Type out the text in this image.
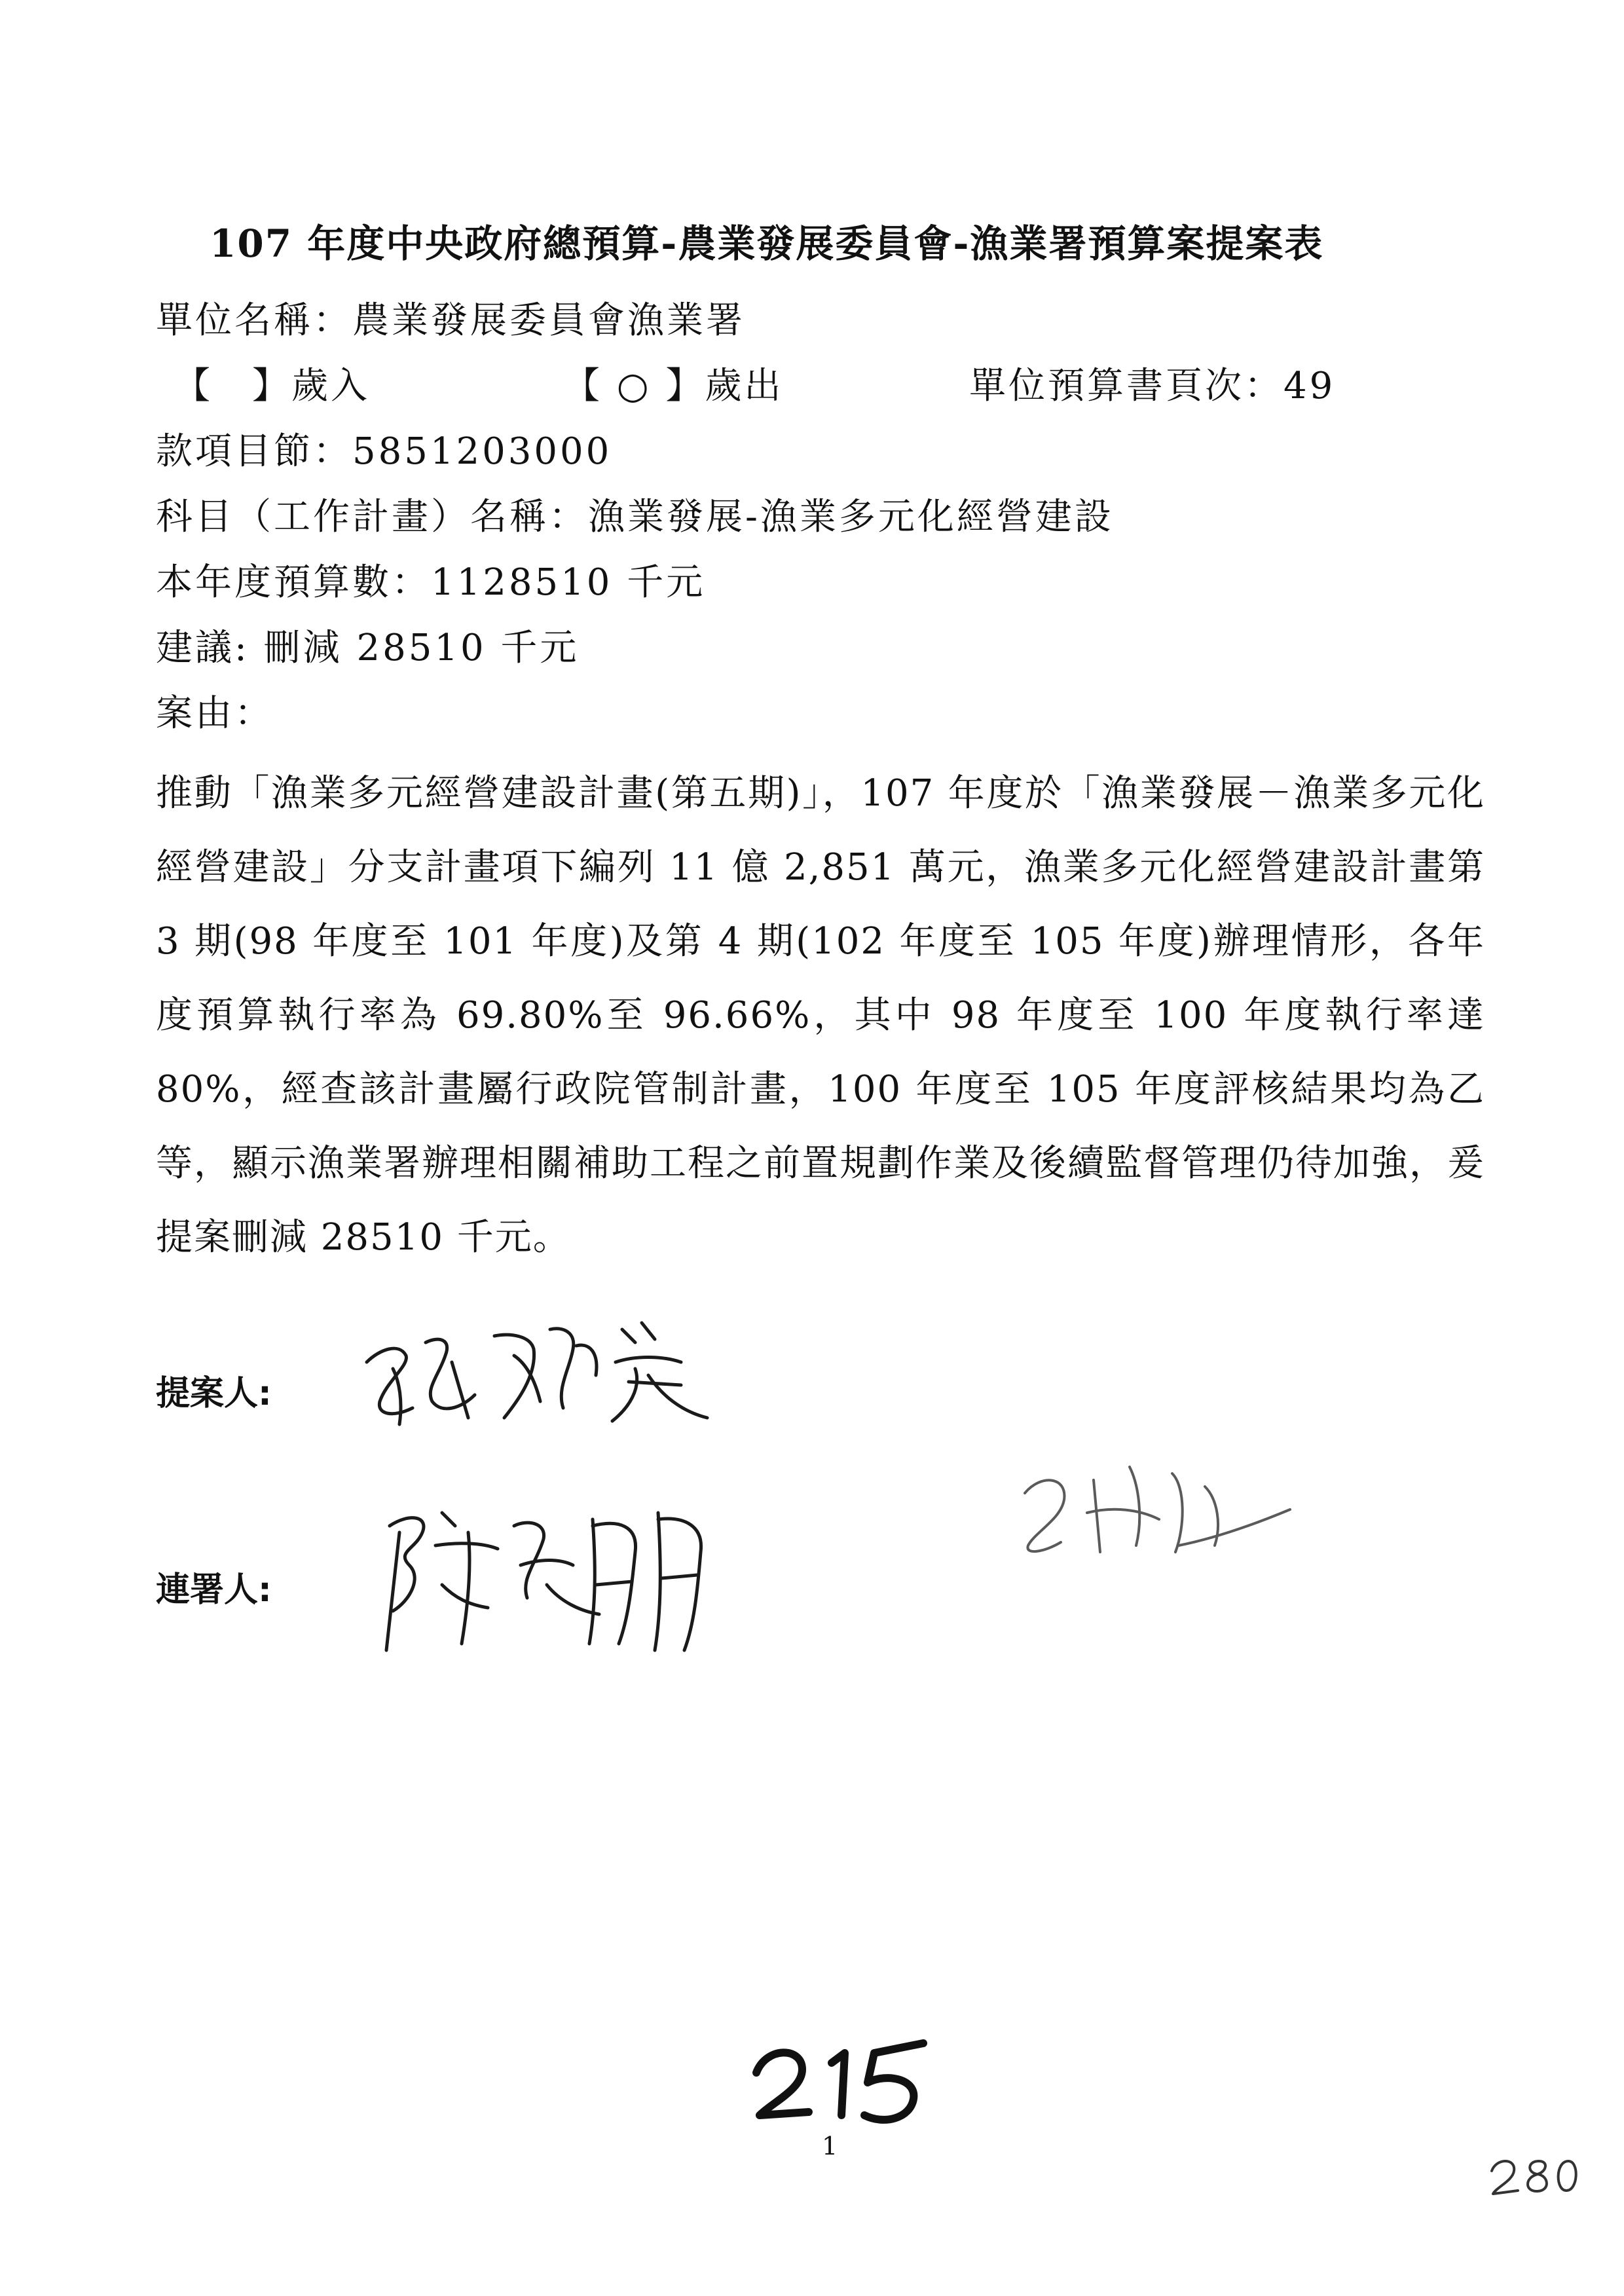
107 年度中央政府總預算-農業發展委員會-漁業署預算案提案表
單位名稱：農業發展委員會漁業署
【　】歲入	【 ○ 】歲出	單位預算書頁次：49
款項目節：5851203000
科目（工作計畫）名稱：漁業發展-漁業多元化經營建設
本年度預算數：1128510 千元
建議: 刪減 28510 千元
案由：
推動「漁業多元經營建設計畫(第五期)」，107 年度於「漁業發展－漁業多元化經營建設」分支計畫項下編列 11 億 2,851 萬元，漁業多元化經營建設計畫第 3 期(98 年度至 101 年度)及第 4 期(102 年度至 105 年度)辦理情形，各年度預算執行率為 69.80%至 96.66%，其中 98 年度至 100 年度執行率達 80%，經查該計畫屬行政院管制計畫，100 年度至 105 年度評核結果均為乙等，顯示漁業署辦理相關補助工程之前置規劃作業及後續監督管理仍待加強，爰提案刪減 28510 千元。
提案人:
連署人:
1
